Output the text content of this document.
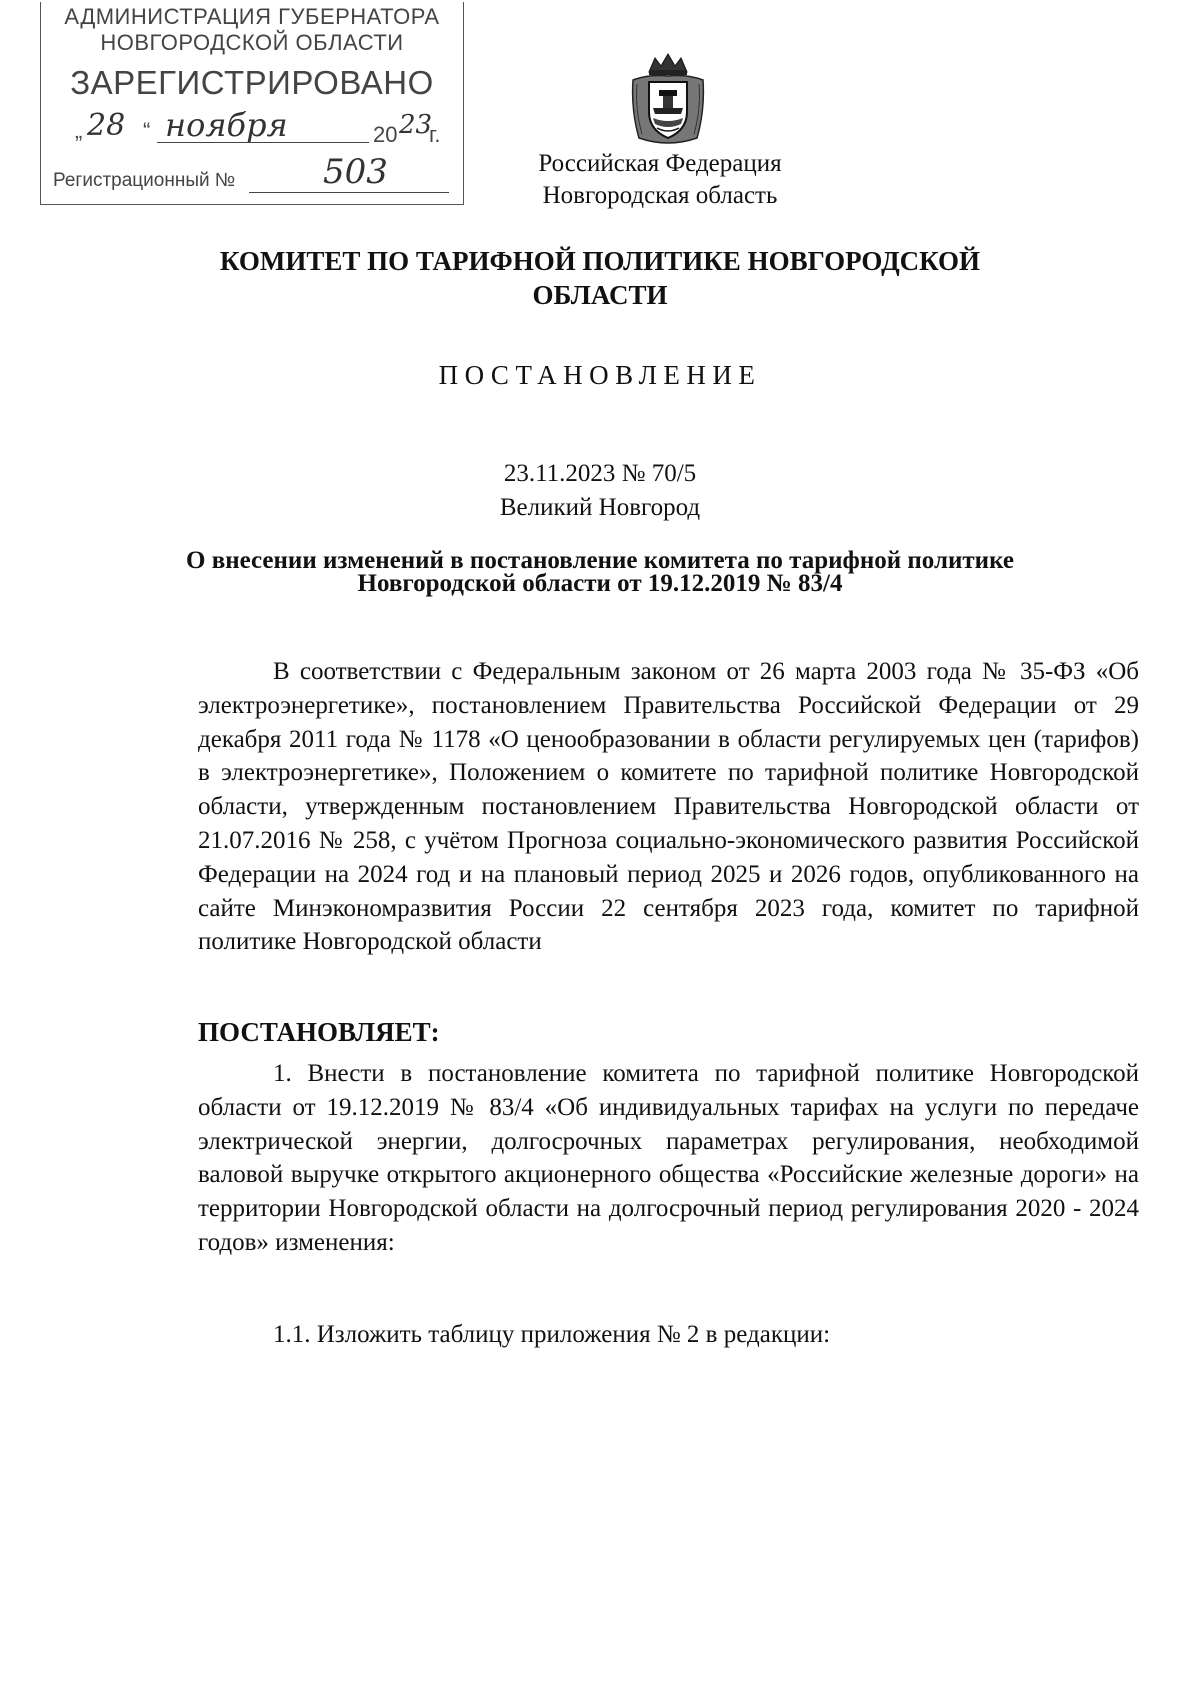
АДМИНИСТРАЦИЯ ГУБЕРНАТОРА
НОВГОРОДСКОЙ ОБЛАСТИ
ЗАРЕГИСТРИРОВАНО
„ 28 “ ноября	20 23
г.
Регистрационный №	503	Российская Федерация
Новгородская область
КОМИТЕТ ПО ТАРИФНОЙ ПОЛИТИКЕ НОВГОРОДСКОЙ ОБЛАСТИ
ПОСТАНОВЛЕНИЕ
23.11.2023 № 70/5
Великий Новгород
О внесении изменений в постановление комитета по тарифной политике Новгородской области от 19.12.2019 № 83/4

В соответствии с Федеральным законом от 26 марта 2003 года № 35-ФЗ «Об электроэнергетике», постановлением Правительства Российской Федерации от 29 декабря 2011 года № 1178 «О ценообразовании в области регулируемых цен (тарифов) в электроэнергетике», Положением о комитете по тарифной политике Новгородской области, утвержденным постановлением Правительства Новгородской области от 21.07.2016 № 258, с учётом Прогноза социально-экономического развития Российской Федерации на 2024 год и на плановый период 2025 и 2026 годов, опубликованного на сайте Минэкономразвития России 22 сентября 2023 года, комитет по тарифной политике Новгородской области

ПОСТАНОВЛЯЕТ:

1. Внести в постановление комитета по тарифной политике Новгородской области от 19.12.2019 № 83/4 «Об индивидуальных тарифах на услуги по передаче электрической энергии, долгосрочных параметрах регулирования, необходимой валовой выручке открытого акционерного общества «Российские железные дороги» на территории Новгородской области на долгосрочный период регулирования 2020 - 2024 годов» изменения:

1.1. Изложить таблицу приложения № 2 в редакции:
